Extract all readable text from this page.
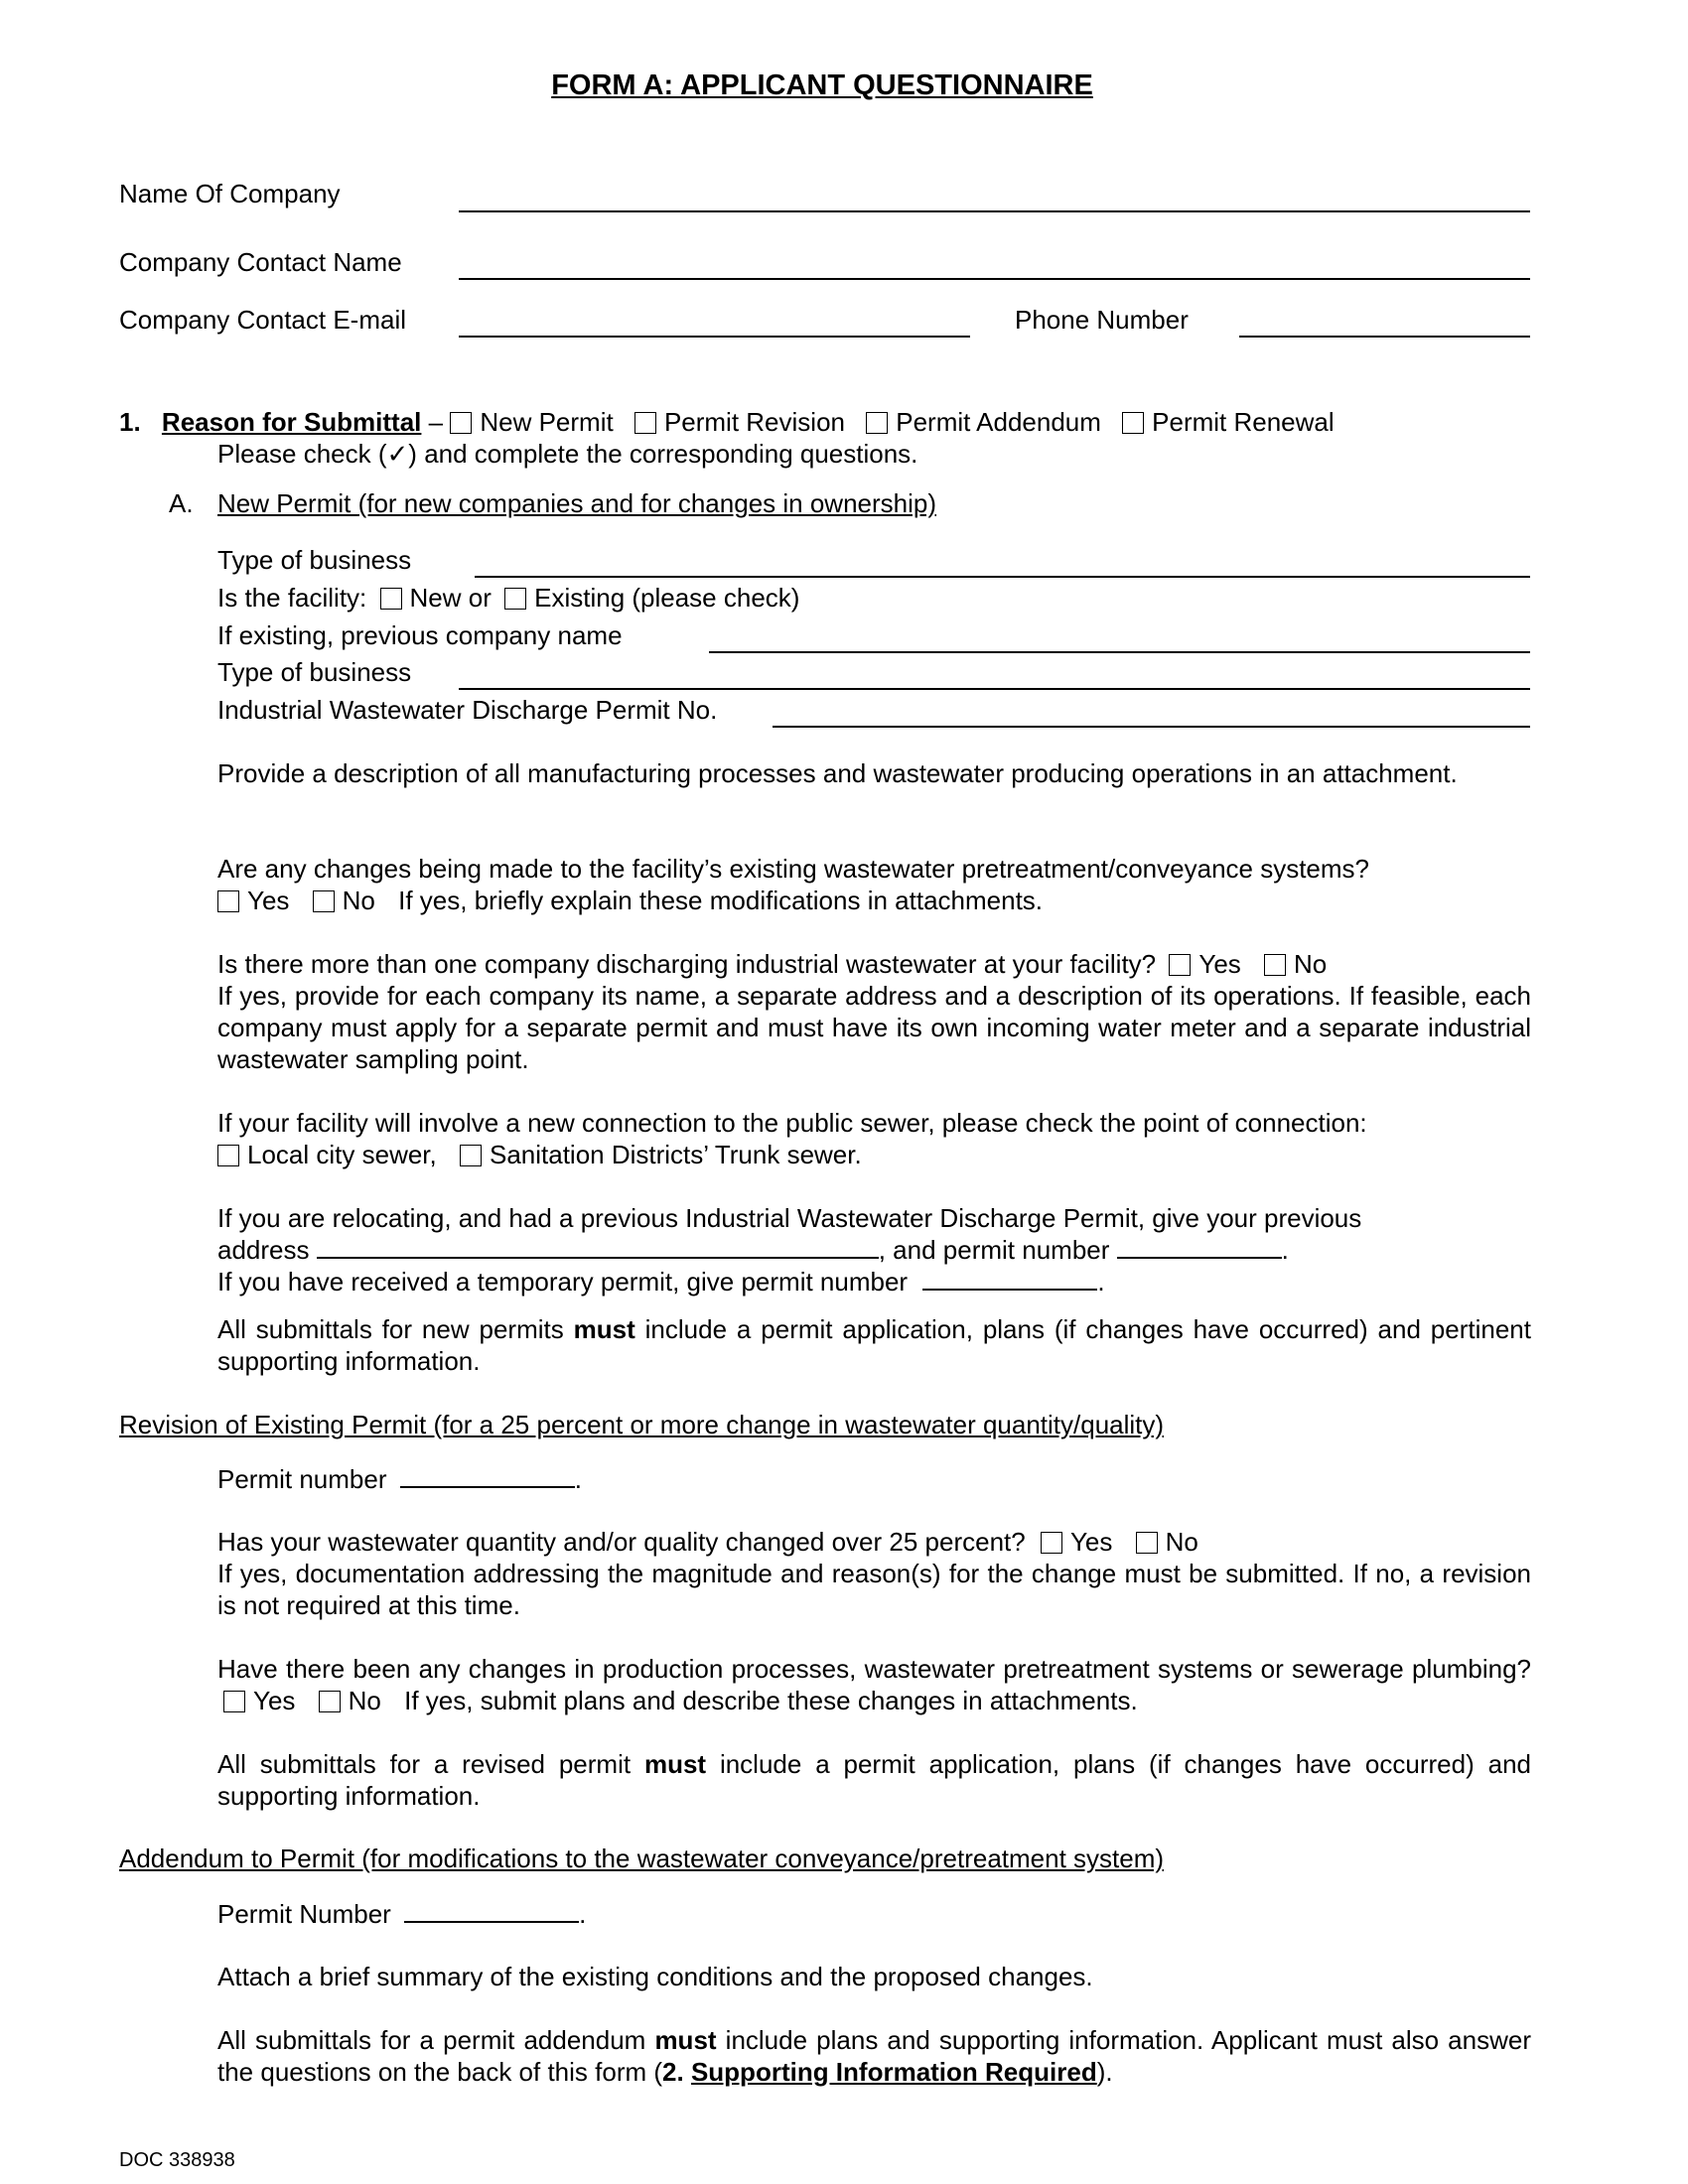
FORM A: APPLICANT QUESTIONNAIRE
Name Of Company
Company Contact Name
Company Contact E-mail	Phone Number
1. Reason for Submittal – New Permit Permit Revision Permit Addendum Permit Renewal
Please check (✓) and complete the corresponding questions.
A. New Permit (for new companies and for changes in ownership)
Type of business
Is the facility: New or Existing (please check)
If existing, previous company name
Type of business
Industrial Wastewater Discharge Permit No.
Provide a description of all manufacturing processes and wastewater producing operations in an attachment.
Are any changes being made to the facility’s existing wastewater pretreatment/conveyance systems?
Yes No If yes, briefly explain these modifications in attachments.
Is there more than one company discharging industrial wastewater at your facility? Yes No
If yes, provide for each company its name, a separate address and a description of its operations. If feasible, each company must apply for a separate permit and must have its own incoming water meter and a separate industrial wastewater sampling point.
If your facility will involve a new connection to the public sewer, please check the point of connection:
Local city sewer, Sanitation Districts’ Trunk sewer.
If you are relocating, and had a previous Industrial Wastewater Discharge Permit, give your previous
address	, and permit number	.
If you have received a temporary permit, give permit number	.
All submittals for new permits must include a permit application, plans (if changes have occurred) and pertinent supporting information.
Revision of Existing Permit (for a 25 percent or more change in wastewater quantity/quality)
Permit number	.
Has your wastewater quantity and/or quality changed over 25 percent? Yes No
If yes, documentation addressing the magnitude and reason(s) for the change must be submitted. If no, a revision is not required at this time.
Have there been any changes in production processes, wastewater pretreatment systems or sewerage plumbing? Yes No If yes, submit plans and describe these changes in attachments.
All submittals for a revised permit must include a permit application, plans (if changes have occurred) and supporting information.
Addendum to Permit (for modifications to the wastewater conveyance/pretreatment system)
Permit Number	.
Attach a brief summary of the existing conditions and the proposed changes.
All submittals for a permit addendum must include plans and supporting information. Applicant must also answer the questions on the back of this form (2. Supporting Information Required).
DOC 338938
